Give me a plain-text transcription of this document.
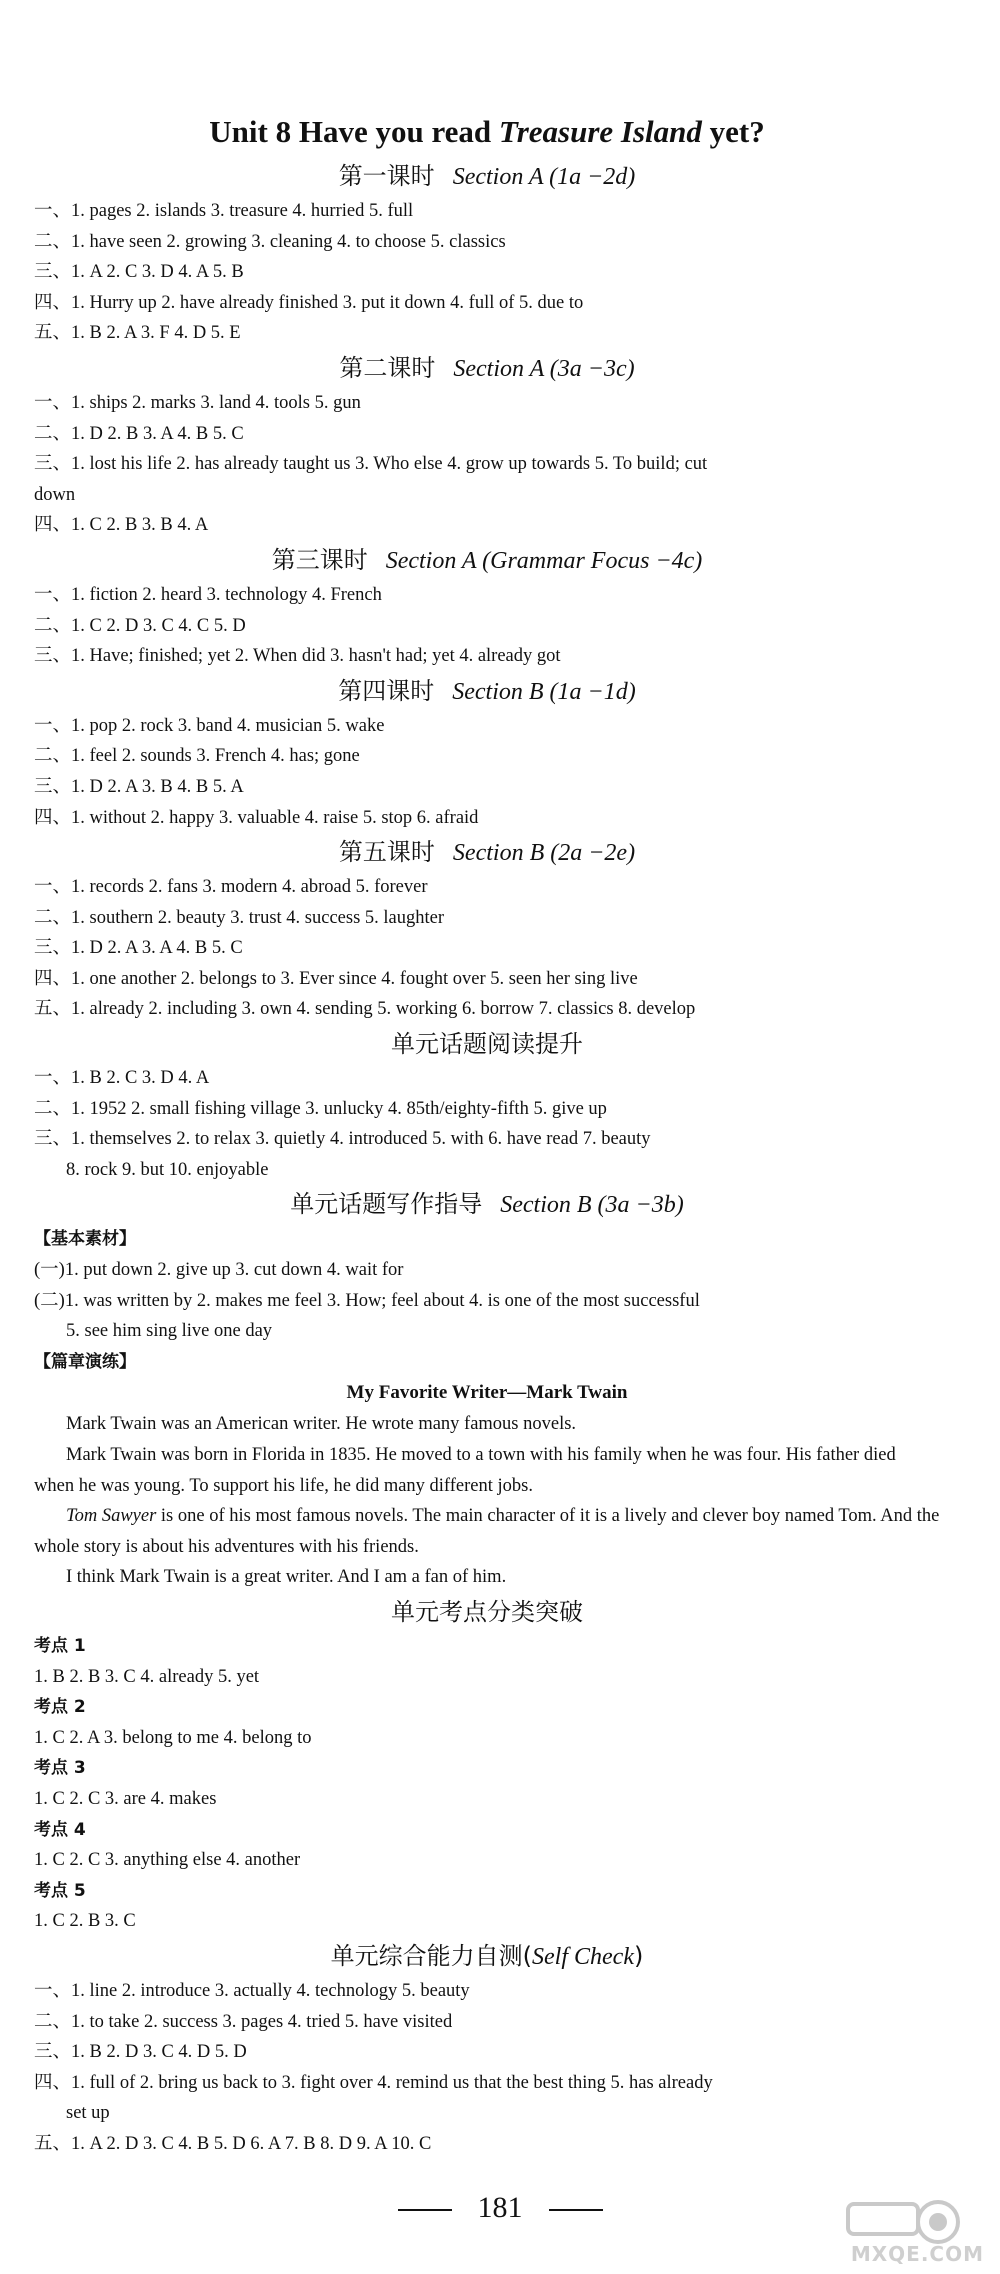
Unit 8 Have you read Treasure Island yet?
第一课时 Section A (1a −2d)
一、1. pages 2. islands 3. treasure 4. hurried 5. full
二、1. have seen 2. growing 3. cleaning 4. to choose 5. classics
三、1. A 2. C 3. D 4. A 5. B
四、1. Hurry up 2. have already finished 3. put it down 4. full of 5. due to
五、1. B 2. A 3. F 4. D 5. E
第二课时 Section A (3a −3c)
一、1. ships 2. marks 3. land 4. tools 5. gun
二、1. D 2. B 3. A 4. B 5. C
三、1. lost his life 2. has already taught us 3. Who else 4. grow up towards 5. To build; cut
down
四、1. C 2. B 3. B 4. A
第三课时 Section A (Grammar Focus −4c)
一、1. fiction 2. heard 3. technology 4. French
二、1. C 2. D 3. C 4. C 5. D
三、1. Have; finished; yet 2. When did 3. hasn't had; yet 4. already got
第四课时 Section B (1a −1d)
一、1. pop 2. rock 3. band 4. musician 5. wake
二、1. feel 2. sounds 3. French 4. has; gone
三、1. D 2. A 3. B 4. B 5. A
四、1. without 2. happy 3. valuable 4. raise 5. stop 6. afraid
第五课时 Section B (2a −2e)
一、1. records 2. fans 3. modern 4. abroad 5. forever
二、1. southern 2. beauty 3. trust 4. success 5. laughter
三、1. D 2. A 3. A 4. B 5. C
四、1. one another 2. belongs to 3. Ever since 4. fought over 5. seen her sing live
五、1. already 2. including 3. own 4. sending 5. working 6. borrow 7. classics 8. develop
单元话题阅读提升
一、1. B 2. C 3. D 4. A
二、1. 1952 2. small fishing village 3. unlucky 4. 85th/eighty-fifth 5. give up
三、1. themselves 2. to relax 3. quietly 4. introduced 5. with 6. have read 7. beauty
8. rock 9. but 10. enjoyable
单元话题写作指导 Section B (3a −3b)
【基本素材】
(一)1. put down 2. give up 3. cut down 4. wait for
(二)1. was written by 2. makes me feel 3. How; feel about 4. is one of the most successful
5. see him sing live one day
【篇章演练】
My Favorite Writer—Mark Twain
Mark Twain was an American writer. He wrote many famous novels.
Mark Twain was born in Florida in 1835. He moved to a town with his family when he was four. His father died when he was young. To support his life, he did many different jobs.
Tom Sawyer is one of his most famous novels. The main character of it is a lively and clever boy named Tom. And the whole story is about his adventures with his friends.
I think Mark Twain is a great writer. And I am a fan of him.
单元考点分类突破
考点 1
1. B 2. B 3. C 4. already 5. yet
考点 2
1. C 2. A 3. belong to me 4. belong to
考点 3
1. C 2. C 3. are 4. makes
考点 4
1. C 2. C 3. anything else 4. another
考点 5
1. C 2. B 3. C
单元综合能力自测(Self Check)
一、1. line 2. introduce 3. actually 4. technology 5. beauty
二、1. to take 2. success 3. pages 4. tried 5. have visited
三、1. B 2. D 3. C 4. D 5. D
四、1. full of 2. bring us back to 3. fight over 4. remind us that the best thing 5. has already
set up
五、1. A 2. D 3. C 4. B 5. D 6. A 7. B 8. D 9. A 10. C
181
MXQE.COM
